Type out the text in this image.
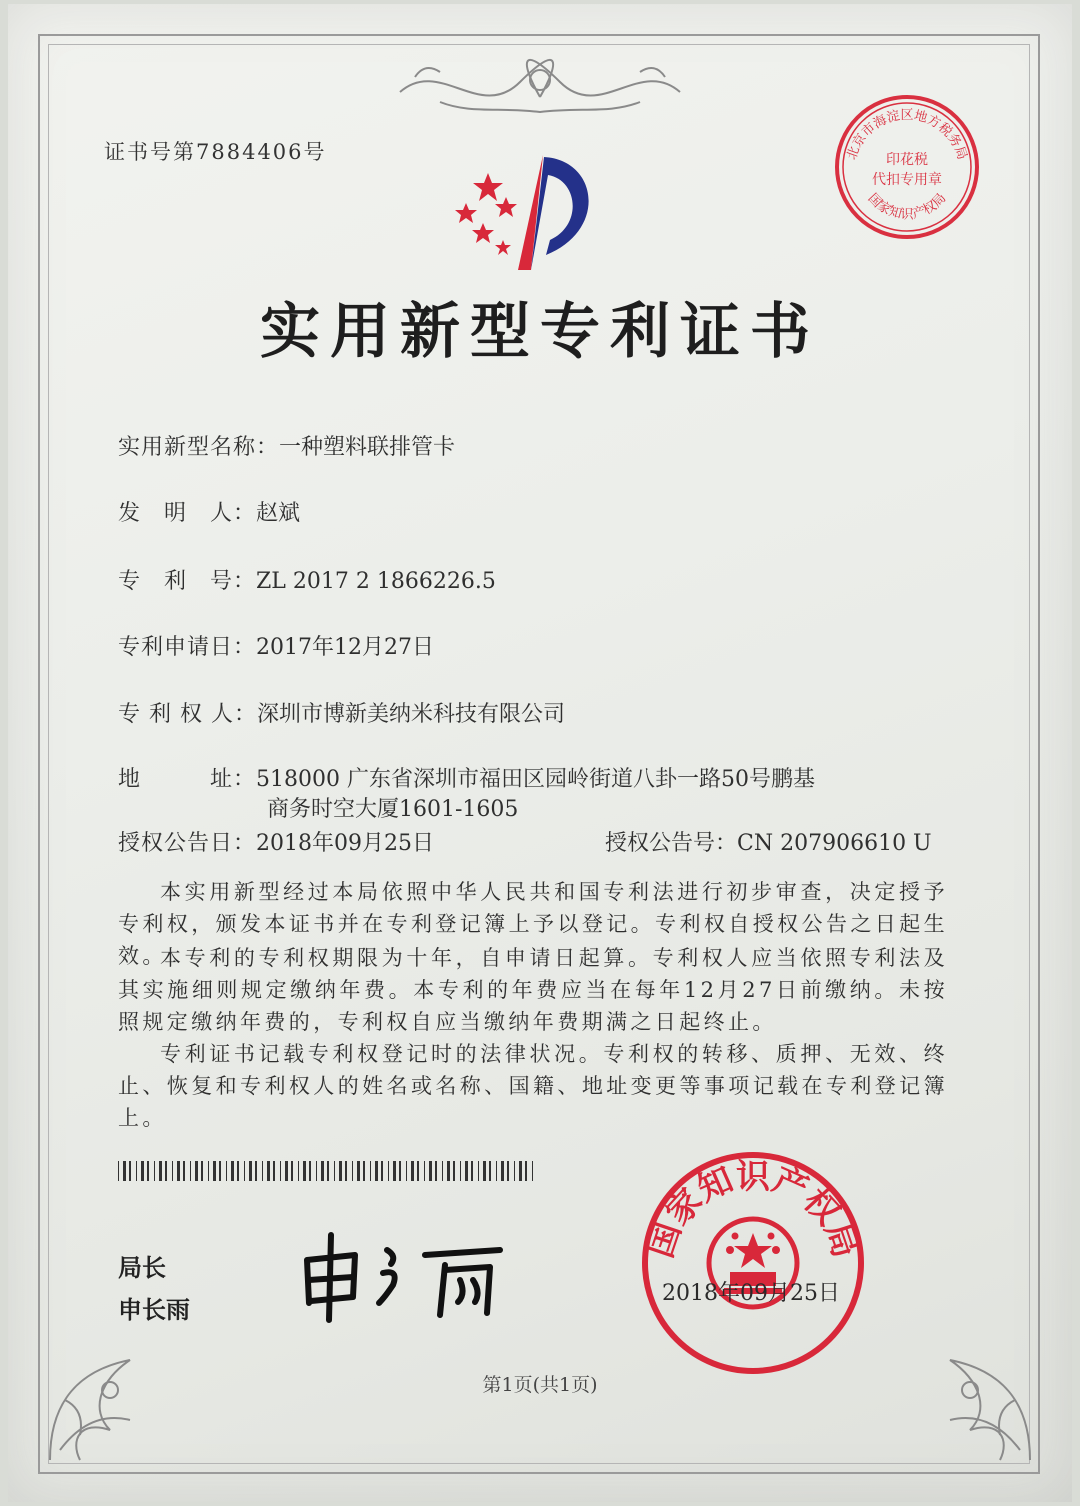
证书号第7884406号	北京市海淀区地方税务局
印花税
代扣专用章
国家知识产权局
实用新型专利证书
实用新型名称：一种塑料联排管卡
发　明　人：赵斌
专　利　号：ZL 2017 2 1866226.5
专利申请日：2017年12月27日
专 利 权 人：深圳市博新美纳米科技有限公司
地　　　址：518000 广东省深圳市福田区园岭街道八卦一路50号鹏基
商务时空大厦1601-1605
授权公告日：2018年09月25日	授权公告号：CN 207906610 U
本实用新型经过本局依照中华人民共和国专利法进行初步审查，决定授予专利权，颁发本证书并在专利登记簿上予以登记。专利权自授权公告之日起生效。
本专利的专利权期限为十年，自申请日起算。专利权人应当依照专利法及其实施细则规定缴纳年费。本专利的年费应当在每年12月27日前缴纳。未按照规定缴纳年费的，专利权自应当缴纳年费期满之日起终止。
专利证书记载专利权登记时的法律状况。专利权的转移、质押、无效、终止、恢复和专利权人的姓名或名称、国籍、地址变更等事项记载在专利登记簿上。
局长
申长雨
国家知识产权局
2018年09月25日
第1页(共1页)
